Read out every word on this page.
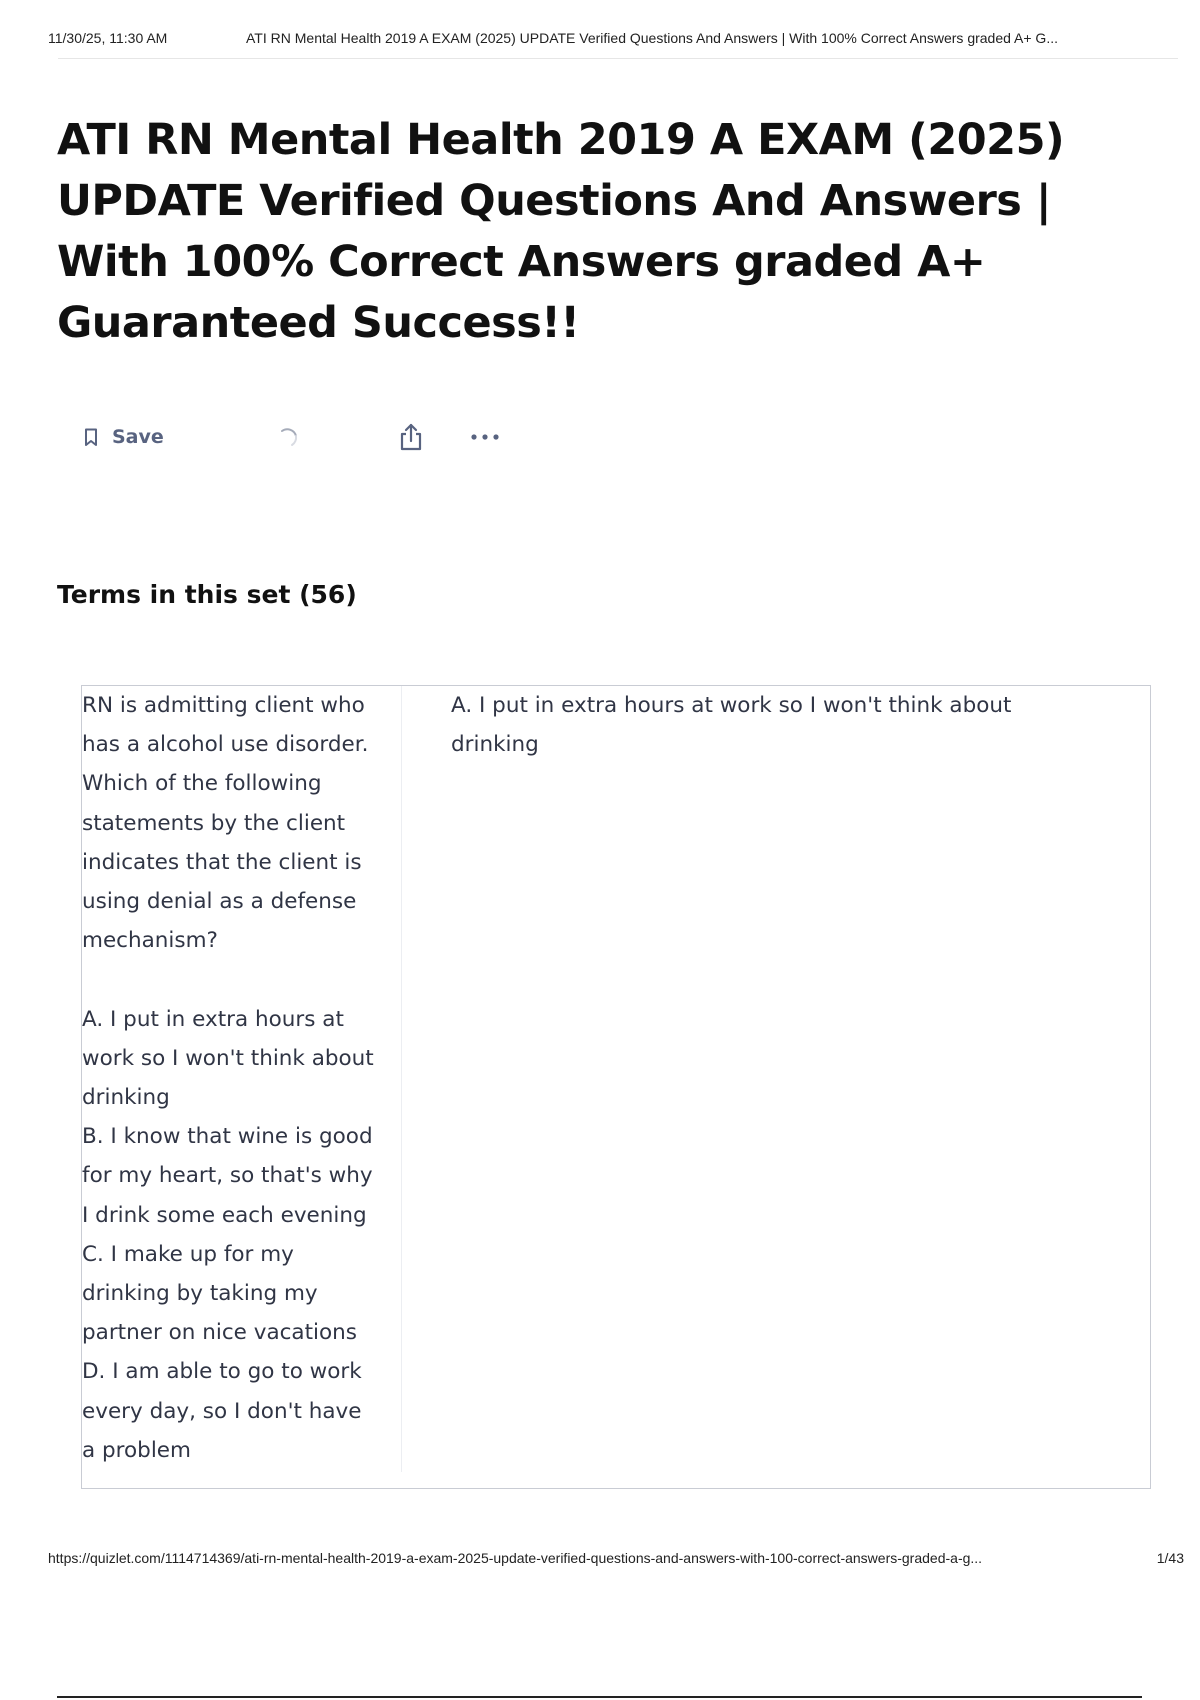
11/30/25, 11:30 AM	ATI RN Mental Health 2019 A EXAM (2025) UPDATE Verified Questions And Answers | With 100% Correct Answers graded A+ G...
ATI RN Mental Health 2019 A EXAM (2025) UPDATE Verified Questions And Answers | With 100% Correct Answers graded A+ Guaranteed Success!!
Save
Terms in this set (56)
RN is admitting client who
has a alcohol use disorder.
Which of the following
statements by the client
indicates that the client is
using denial as a defense
mechanism?

A. I put in extra hours at
work so I won't think about
drinking
B. I know that wine is good
for my heart, so that's why
I drink some each evening
C. I make up for my
drinking by taking my
partner on nice vacations
D. I am able to go to work
every day, so I don't have
a problem
A. I put in extra hours at work so I won't think about
drinking
https://quizlet.com/1114714369/ati-rn-mental-health-2019-a-exam-2025-update-verified-questions-and-answers-with-100-correct-answers-graded-a-g...	1/43
